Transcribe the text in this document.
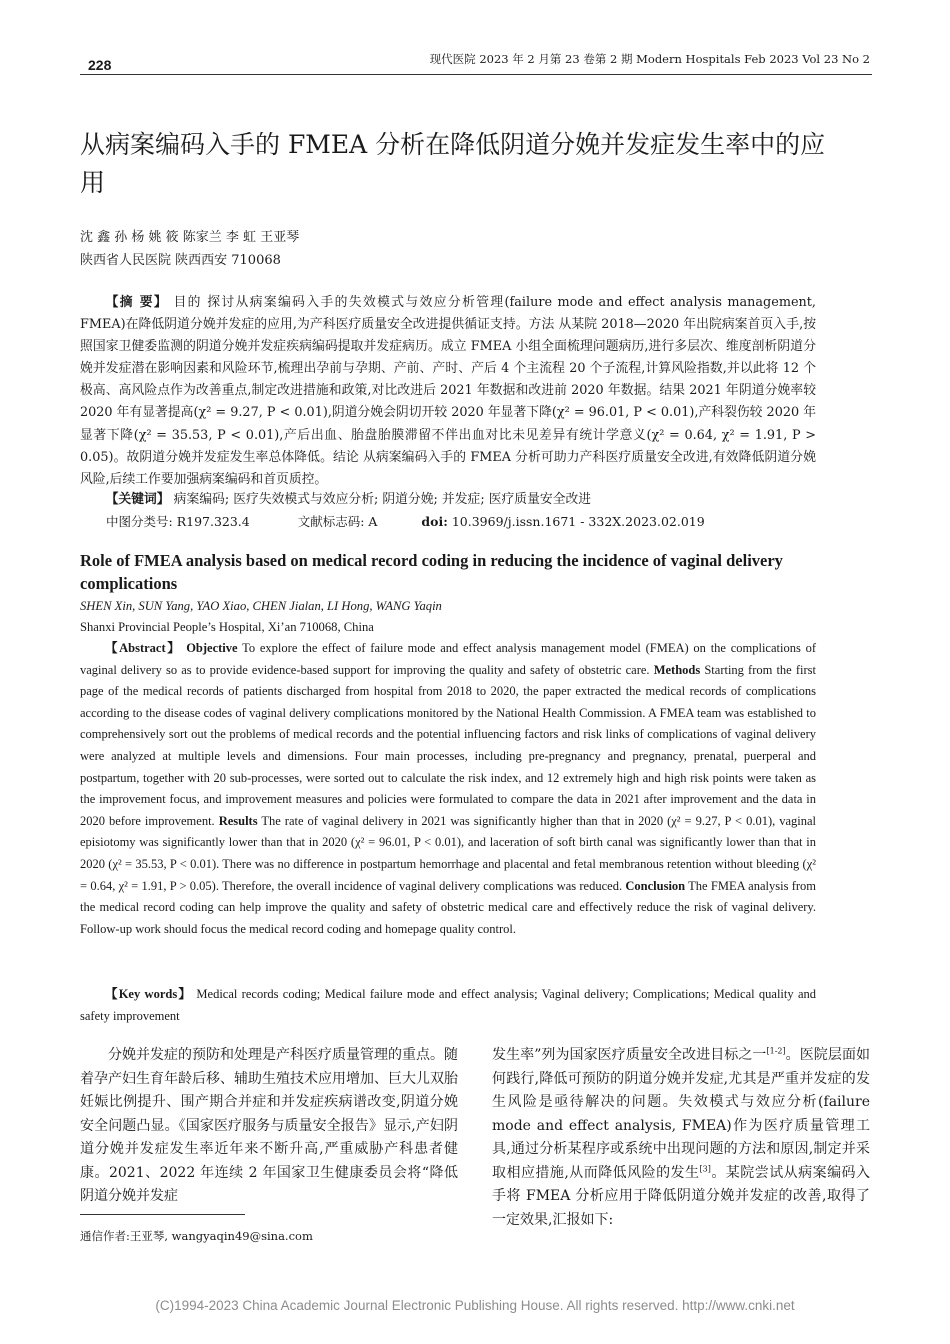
228	现代医院 2023 年 2 月第 23 卷第 2 期 Modern Hospitals Feb 2023 Vol 23 No 2
从病案编码入手的 FMEA 分析在降低阴道分娩并发症发生率中的应用
沈 鑫 孙 杨 姚 筱 陈家兰 李 虹 王亚琴
陕西省人民医院 陕西西安 710068

【摘 要】 目的 探讨从病案编码入手的失效模式与效应分析管理(failure mode and effect analysis management, FMEA)在降低阴道分娩并发症的应用,为产科医疗质量安全改进提供循证支持。方法 从某院 2018—2020 年出院病案首页入手,按照国家卫健委监测的阴道分娩并发症疾病编码提取并发症病历。成立 FMEA 小组全面梳理问题病历,进行多层次、维度剖析阴道分娩并发症潜在影响因素和风险环节,梳理出孕前与孕期、产前、产时、产后 4 个主流程 20 个子流程,计算风险指数,并以此将 12 个极高、高风险点作为改善重点,制定改进措施和政策,对比改进后 2021 年数据和改进前 2020 年数据。结果 2021 年阴道分娩率较 2020 年有显著提高(χ² = 9.27, P < 0.01),阴道分娩会阴切开较 2020 年显著下降(χ² = 96.01, P < 0.01),产科裂伤较 2020 年显著下降(χ² = 35.53, P < 0.01),产后出血、胎盘胎膜滞留不伴出血对比未见差异有统计学意义(χ² = 0.64, χ² = 1.91, P > 0.05)。故阴道分娩并发症发生率总体降低。结论 从病案编码入手的 FMEA 分析可助力产科医疗质量安全改进,有效降低阴道分娩风险,后续工作要加强病案编码和首页质控。

【关键词】 病案编码; 医疗失效模式与效应分析; 阴道分娩; 并发症; 医疗质量安全改进
中图分类号: R197.323.4	文献标志码: A	doi: 10.3969/j.issn.1671 - 332X.2023.02.019
Role of FMEA analysis based on medical record coding in reducing the incidence of vaginal delivery complications
SHEN Xin, SUN Yang, YAO Xiao, CHEN Jialan, LI Hong, WANG Yaqin
Shanxi Provincial People’s Hospital, Xi’an 710068, China

【Abstract】 Objective To explore the effect of failure mode and effect analysis management model (FMEA) on the complications of vaginal delivery so as to provide evidence-based support for improving the quality and safety of obstetric care. Methods Starting from the first page of the medical records of patients discharged from hospital from 2018 to 2020, the paper extracted the medical records of complications according to the disease codes of vaginal delivery complications monitored by the National Health Commission. A FMEA team was established to comprehensively sort out the problems of medical records and the potential influencing factors and risk links of complications of vaginal delivery were analyzed at multiple levels and dimensions. Four main processes, including pre-pregnancy and pregnancy, prenatal, puerperal and postpartum, together with 20 sub-processes, were sorted out to calculate the risk index, and 12 extremely high and high risk points were taken as the improvement focus, and improvement measures and policies were formulated to compare the data in 2021 after improvement and the data in 2020 before improvement. Results The rate of vaginal delivery in 2021 was significantly higher than that in 2020 (χ² = 9.27, P < 0.01), vaginal episiotomy was significantly lower than that in 2020 (χ² = 96.01, P < 0.01), and laceration of soft birth canal was significantly lower than that in 2020 (χ² = 35.53, P < 0.01). There was no difference in postpartum hemorrhage and placental and fetal membranous retention without bleeding (χ² = 0.64, χ² = 1.91, P > 0.05). Therefore, the overall incidence of vaginal delivery complications was reduced. Conclusion The FMEA analysis from the medical record coding can help improve the quality and safety of obstetric medical care and effectively reduce the risk of vaginal delivery. Follow-up work should focus the medical record coding and homepage quality control.

【Key words】 Medical records coding; Medical failure mode and effect analysis; Vaginal delivery; Complications; Medical quality and safety improvement

分娩并发症的预防和处理是产科医疗质量管理的重点。随着孕产妇生育年龄后移、辅助生殖技术应用增加、巨大儿双胎妊娠比例提升、围产期合并症和并发症疾病谱改变,阴道分娩安全问题凸显。《国家医疗服务与质量安全报告》显示,产妇阴道分娩并发症发生率近年来不断升高,严重威胁产科患者健康。2021、2022 年连续 2 年国家卫生健康委员会将“降低阴道分娩并发症

发生率”列为国家医疗质量安全改进目标之一[1-2]。医院层面如何践行,降低可预防的阴道分娩并发症,尤其是严重并发症的发生风险是亟待解决的问题。失效模式与效应分析(failure mode and effect analysis, FMEA)作为医疗质量管理工具,通过分析某程序或系统中出现问题的方法和原因,制定并采取相应措施,从而降低风险的发生[3]。某院尝试从病案编码入手将 FMEA 分析应用于降低阴道分娩并发症的改善,取得了一定效果,汇报如下:

通信作者:王亚琴, wangyaqin49@sina.com
(C)1994-2023 China Academic Journal Electronic Publishing House. All rights reserved. http://www.cnki.net
